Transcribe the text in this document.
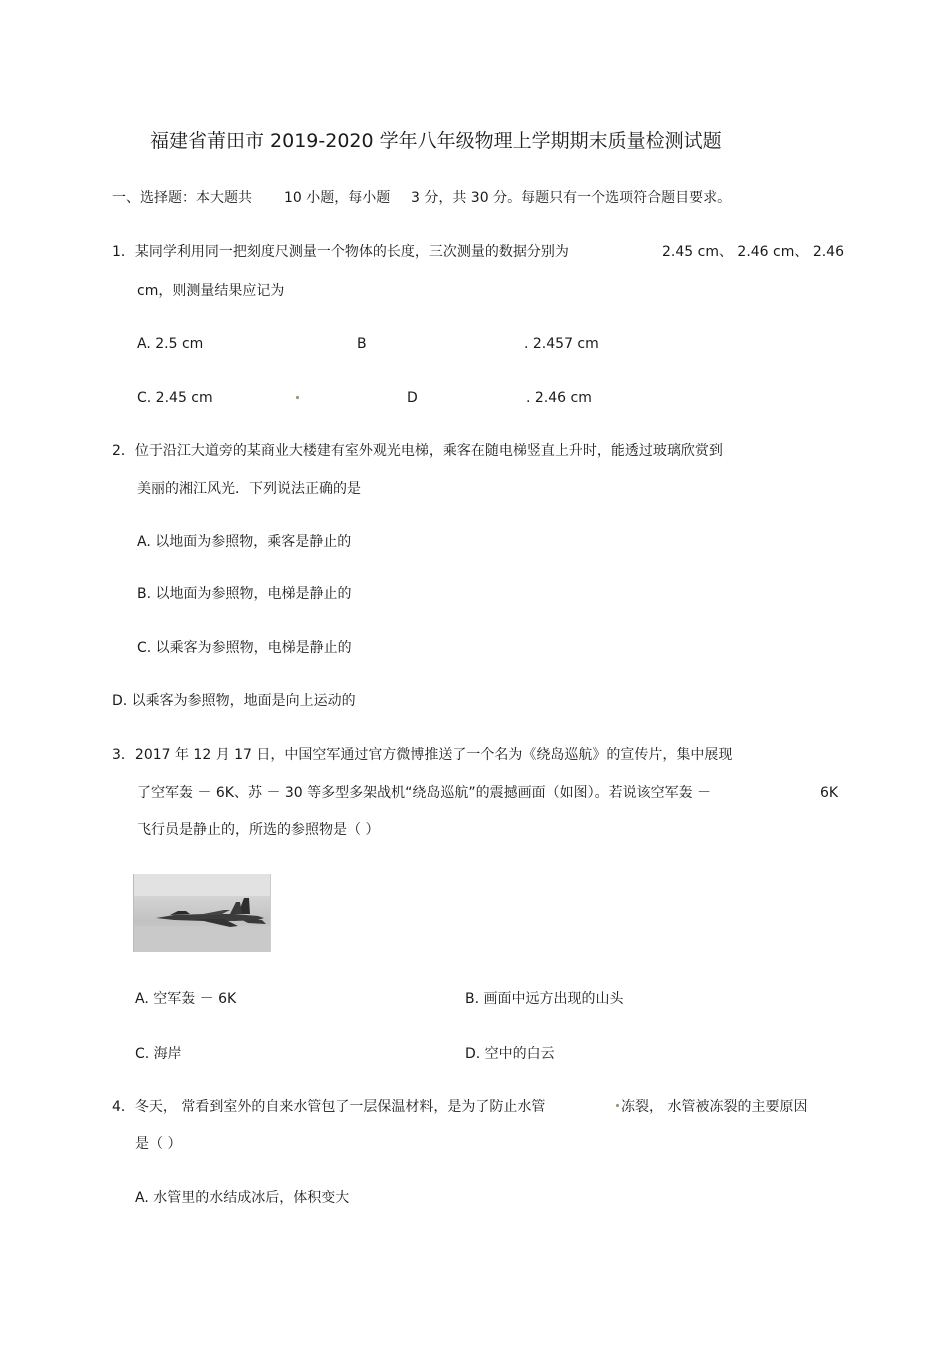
福建省莆田市 2019-2020 学年八年级物理上学期期末质量检测试题
一、选择题：本大题共 10 小题，每小题 3 分，共 30 分。每题只有一个选项符合题目要求。
1．某同学利用同一把刻度尺测量一个物体的长度，三次测量的数据分别为	2.45 cm、 2.46 cm、 2.46
cm，则测量结果应记为
A. 2.5 cm	B	. 2.457 cm
C. 2.45 cm	D	. 2.46 cm
2．位于沿江大道旁的某商业大楼建有室外观光电梯，乘客在随电梯竖直上升时，能透过玻璃欣赏到
美丽的湘江风光．下列说法正确的是
A. 以地面为参照物，乘客是静止的
B. 以地面为参照物，电梯是静止的
C. 以乘客为参照物，电梯是静止的
D. 以乘客为参照物，地面是向上运动的
3．2017 年 12 月 17 日，中国空军通过官方微博推送了一个名为《绕岛巡航》的宣传片，集中展现
了空军轰 － 6K、苏 － 30 等多型多架战机“绕岛巡航”的震撼画面（如图）。若说该空军轰 －	6K
飞行员是静止的，所选的参照物是（ ）
A. 空军轰 － 6K	B. 画面中远方出现的山头
C. 海岸	D. 空中的白云
4．冬天， 常看到室外的自来水管包了一层保温材料，是为了防止水管	冻裂， 水管被冻裂的主要原因
是（ ）
A. 水管里的水结成冰后，体积变大
